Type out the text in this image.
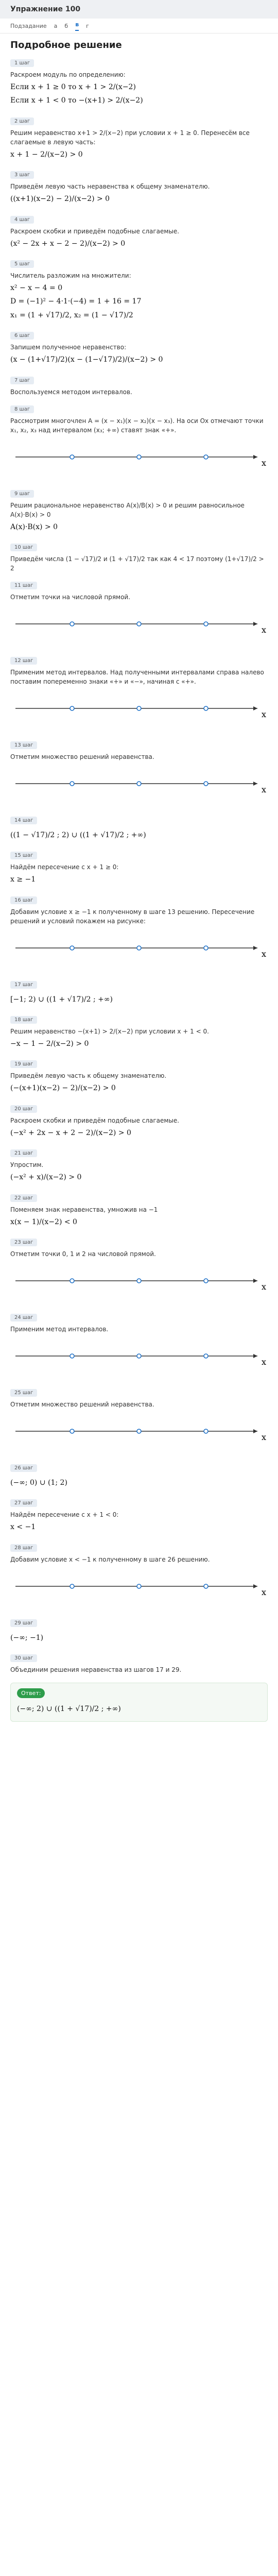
Упражнение 100
Подзадание а б в г
Подробное решение
1 шаг
Раскроем модуль по определению:
Если x + 1 ≥ 0 то x + 1 > 2/(x−2)
Если x + 1 < 0 то −(x+1) > 2/(x−2)
2 шаг
Решим неравенство x+1 > 2/(x−2) при условии x + 1 ≥ 0. Перенесём все слагаемые в левую часть:
x + 1 − 2/(x−2) > 0
3 шаг
Приведём левую часть неравенства к общему знаменателю.
((x+1)(x−2) − 2)/(x−2) > 0
4 шаг
Раскроем скобки и приведём подобные слагаемые.
(x² − 2x + x − 2 − 2)/(x−2) > 0
5 шаг
Числитель разложим на множители:
x² − x − 4 = 0
D = (−1)² − 4·1·(−4) = 1 + 16 = 17
x₁ = (1 + √17)/2, x₂ = (1 − √17)/2
6 шаг
Запишем полученное неравенство:
(x − (1+√17)/2)(x − (1−√17)/2)/(x−2) > 0
7 шаг
Воспользуемся методом интервалов.
8 шаг
Рассмотрим многочлен A = (x − x₁)(x − x₂)(x − x₃). На оси Ox отмечают точки x₁, x₂, x₃ над интервалом (x₃; +∞) ставят знак «+».
x
9 шаг
Решим рациональное неравенство A(x)/B(x) > 0 и решим равносильное A(x)·B(x) > 0
A(x)·B(x) > 0
10 шаг
Приведём числа (1 − √17)/2 и (1 + √17)/2 так как 4 < 17 поэтому (1+√17)/2 > 2
11 шаг
Отметим точки на числовой прямой.
x
12 шаг
Применим метод интервалов. Над полученными интервалами справа налево поставим попеременно знаки «+» и «−», начиная с «+».
x
13 шаг
Отметим множество решений неравенства.
x
14 шаг
((1 − √17)/2 ; 2) ∪ ((1 + √17)/2 ; +∞)
15 шаг
Найдём пересечение с x + 1 ≥ 0:
x ≥ −1
16 шаг
Добавим условие x ≥ −1 к полученному в шаге 13 решению. Пересечение решений и условий покажем на рисунке:
x
17 шаг
[−1; 2) ∪ ((1 + √17)/2 ; +∞)
18 шаг
Решим неравенство −(x+1) > 2/(x−2) при условии x + 1 < 0.
−x − 1 − 2/(x−2) > 0
19 шаг
Приведём левую часть к общему знаменателю.
(−(x+1)(x−2) − 2)/(x−2) > 0
20 шаг
Раскроем скобки и приведём подобные слагаемые.
(−x² + 2x − x + 2 − 2)/(x−2) > 0
21 шаг
Упростим.
(−x² + x)/(x−2) > 0
22 шаг
Поменяем знак неравенства, умножив на −1
x(x − 1)/(x−2) < 0
23 шаг
Отметим точки 0, 1 и 2 на числовой прямой.
x
24 шаг
Применим метод интервалов.
x
25 шаг
Отметим множество решений неравенства.
x
26 шаг
(−∞; 0) ∪ (1; 2)
27 шаг
Найдём пересечение с x + 1 < 0:
x < −1
28 шаг
Добавим условие x < −1 к полученному в шаге 26 решению.
x
29 шаг
(−∞; −1)
30 шаг
Объединим решения неравенства из шагов 17 и 29.
Ответ:
(−∞; 2) ∪ ((1 + √17)/2 ; +∞)
